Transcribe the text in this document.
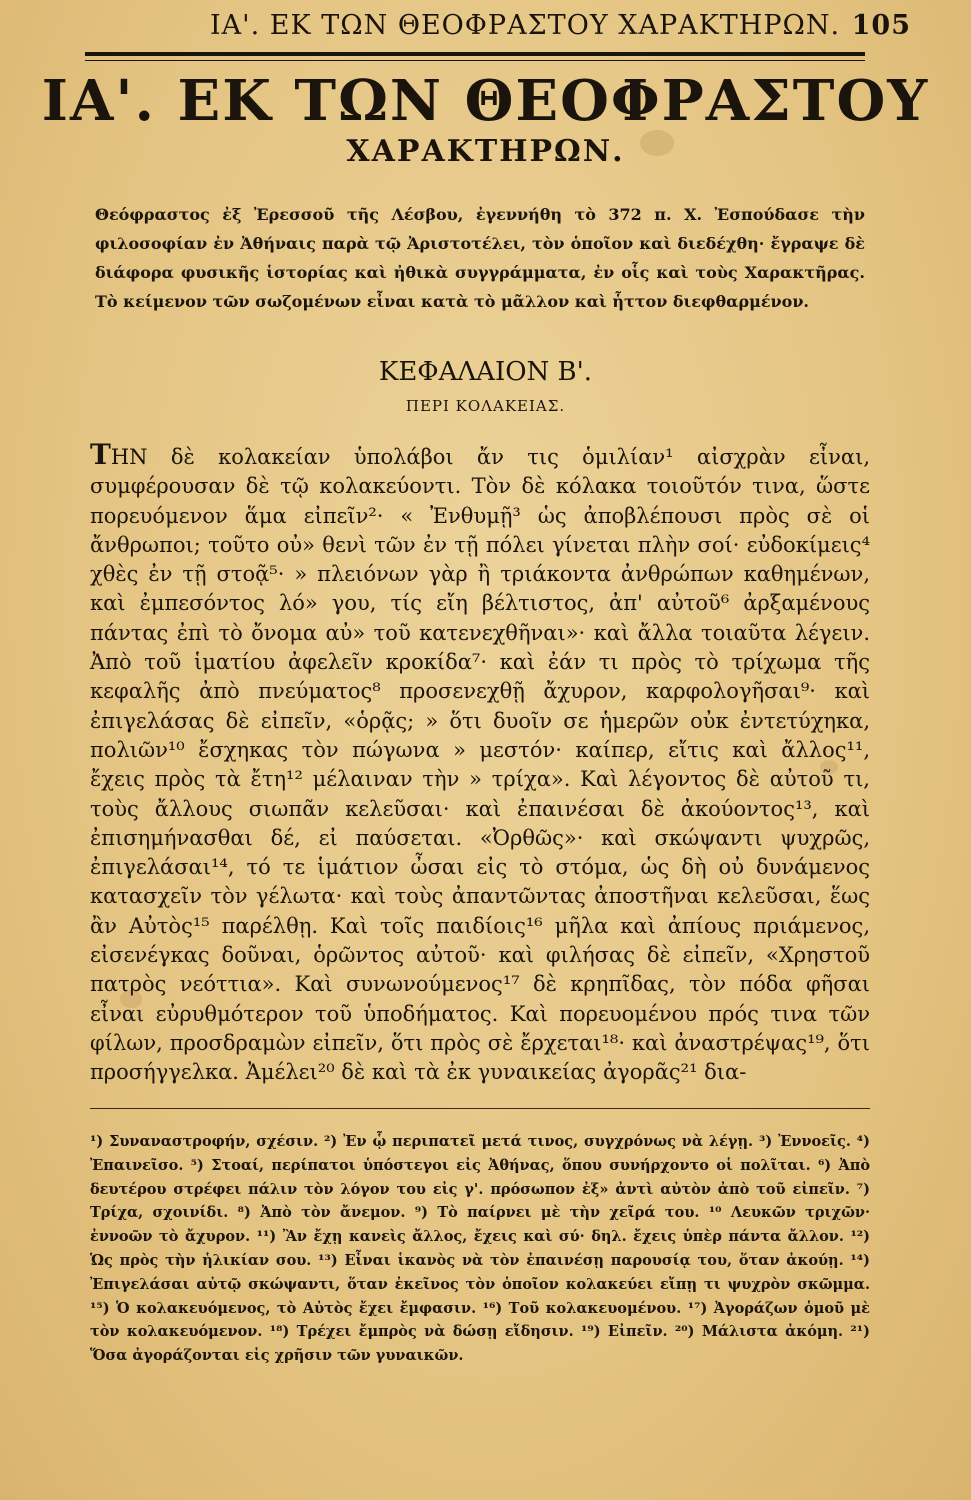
ΙΑ'. ΕΚ ΤΩΝ ΘΕΟΦΡΑΣΤΟΥ ΧΑΡΑΚΤΗΡΩΝ. 105
ΙΑ'. ΕΚ ΤΩΝ ΘΕΟΦΡΑΣΤΟΥ
ΧΑΡΑΚΤΗΡΩΝ.
Θεόφραστος ἐξ Ἐρεσσοῦ τῆς Λέσβου, ἐγεννήθη τὸ 372 π. Χ. Ἐσπούδασε τὴν φιλοσοφίαν ἐν Ἀθήναις παρὰ τῷ Ἀριστοτέλει, τὸν ὁποῖον καὶ διεδέχθη· ἔγραψε δὲ διάφορα φυσικῆς ἱστορίας καὶ ἠθικὰ συγγράμματα, ἐν οἷς καὶ τοὺς Χαρακτῆρας. Τὸ κείμενον τῶν σωζομένων εἶναι κατὰ τὸ μᾶλλον καὶ ἧττον διεφθαρμένον.
ΚΕΦΑΛΑΙΟΝ Β'.
ΠΕΡΙ ΚΟΛΑΚΕΙΑΣ.
ΤΗΝ δὲ κολακείαν ὑπολάβοι ἄν τις ὁμιλίαν¹ αἰσχρὰν εἶναι, συμφέρουσαν δὲ τῷ κολακεύοντι. Τὸν δὲ κόλακα τοιοῦτόν τινα, ὥστε πορευόμενον ἅμα εἰπεῖν²· « Ἐνθυμῇ³ ὡς ἀποβλέπουσι πρὸς σὲ οἱ ἄνθρωποι; τοῦτο οὐ» θενὶ τῶν ἐν τῇ πόλει γίνεται πλὴν σοί· εὐδοκίμεις⁴ χθὲς ἐν τῇ στοᾷ⁵· » πλειόνων γὰρ ἢ τριάκοντα ἀνθρώπων καθημένων, καὶ ἐμπεσόντος λό» γου, τίς εἴη βέλτιστος, ἀπ' αὐτοῦ⁶ ἀρξαμένους πάντας ἐπὶ τὸ ὄνομα αὐ» τοῦ κατενεχθῆναι»· καὶ ἄλλα τοιαῦτα λέγειν. Ἀπὸ τοῦ ἱματίου ἀφελεῖν κροκίδα⁷· καὶ ἐάν τι πρὸς τὸ τρίχωμα τῆς κεφαλῆς ἀπὸ πνεύματος⁸ προσενεχθῇ ἄχυρον, καρφολογῆσαι⁹· καὶ ἐπιγελάσας δὲ εἰπεῖν, «ὁρᾷς; » ὅτι δυοῖν σε ἡμερῶν οὐκ ἐντετύχηκα, πολιῶν¹⁰ ἔσχηκας τὸν πώγωνα » μεστόν· καίπερ, εἴτις καὶ ἄλλος¹¹, ἔχεις πρὸς τὰ ἔτη¹² μέλαιναν τὴν » τρίχα». Καὶ λέγοντος δὲ αὐτοῦ τι, τοὺς ἄλλους σιωπᾶν κελεῦσαι· καὶ ἐπαινέσαι δὲ ἀκούοντος¹³, καὶ ἐπισημήνασθαι δέ, εἰ παύσεται. «Ὀρθῶς»· καὶ σκώψαντι ψυχρῶς, ἐπιγελάσαι¹⁴, τό τε ἱμάτιον ὦσαι εἰς τὸ στόμα, ὡς δὴ οὐ δυνάμενος κατασχεῖν τὸν γέλωτα· καὶ τοὺς ἀπαντῶντας ἀποστῆναι κελεῦσαι, ἕως ἂν Αὐτὸς¹⁵ παρέλθῃ. Καὶ τοῖς παιδίοις¹⁶ μῆλα καὶ ἀπίους πριάμενος, εἰσενέγκας δοῦναι, ὁρῶντος αὐτοῦ· καὶ φιλήσας δὲ εἰπεῖν, «Χρηστοῦ πατρὸς νεόττια». Καὶ συνωνούμενος¹⁷ δὲ κρηπῖδας, τὸν πόδα φῆσαι εἶναι εὐρυθμότερον τοῦ ὑποδήματος. Καὶ πορευομένου πρός τινα τῶν φίλων, προσδραμὼν εἰπεῖν, ὅτι πρὸς σὲ ἔρχεται¹⁸· καὶ ἀναστρέψας¹⁹, ὅτι προσήγγελκα. Ἀμέλει²⁰ δὲ καὶ τὰ ἐκ γυναικείας ἀγορᾶς²¹ δια-
¹) Συναναστροφήν, σχέσιν. ²) Ἐν ᾧ περιπατεῖ μετά τινος, συγχρόνως νὰ λέγῃ. ³) Ἐννοεῖς. ⁴) Ἐπαινεῖσο. ⁵) Στοαί, περίπατοι ὑπόστεγοι εἰς Ἀθήνας, ὅπου συνήρχοντο οἱ πολῖται. ⁶) Ἀπὸ δευτέρου στρέφει πάλιν τὸν λόγον του εἰς γ'. πρόσωπον ἐξ» ἀντὶ αὐτὸν ἀπὸ τοῦ εἰπεῖν. ⁷) Τρίχα, σχοινίδι. ⁸) Ἀπὸ τὸν ἄνεμον. ⁹) Τὸ παίρνει μὲ τὴν χεῖρά του. ¹⁰ Λευκῶν τριχῶν· ἐννοῶν τὸ ἄχυρον. ¹¹) Ἂν ἔχῃ κανεὶς ἄλλος, ἔχεις καὶ σύ· δηλ. ἔχεις ὑπὲρ πάντα ἄλλον. ¹²) Ὡς πρὸς τὴν ἡλικίαν σου. ¹³) Εἶναι ἱκανὸς νὰ τὸν ἐπαινέσῃ παρουσίᾳ του, ὅταν ἀκούῃ. ¹⁴) Ἐπιγελάσαι αὐτῷ σκώψαντι, ὅταν ἐκεῖνος τὸν ὁποῖον κολακεύει εἴπῃ τι ψυχρὸν σκῶμμα. ¹⁵) Ὁ κολακευόμενος, τὸ Αὐτὸς ἔχει ἔμφασιν. ¹⁶) Τοῦ κολακευομένου. ¹⁷) Ἀγοράζων ὁμοῦ μὲ τὸν κολακευόμενον. ¹⁸) Τρέχει ἔμπρὸς νὰ δώσῃ εἴδησιν. ¹⁹) Εἰπεῖν. ²⁰) Μάλιστα ἀκόμη. ²¹) Ὅσα ἀγοράζονται εἰς χρῆσιν τῶν γυναικῶν.
